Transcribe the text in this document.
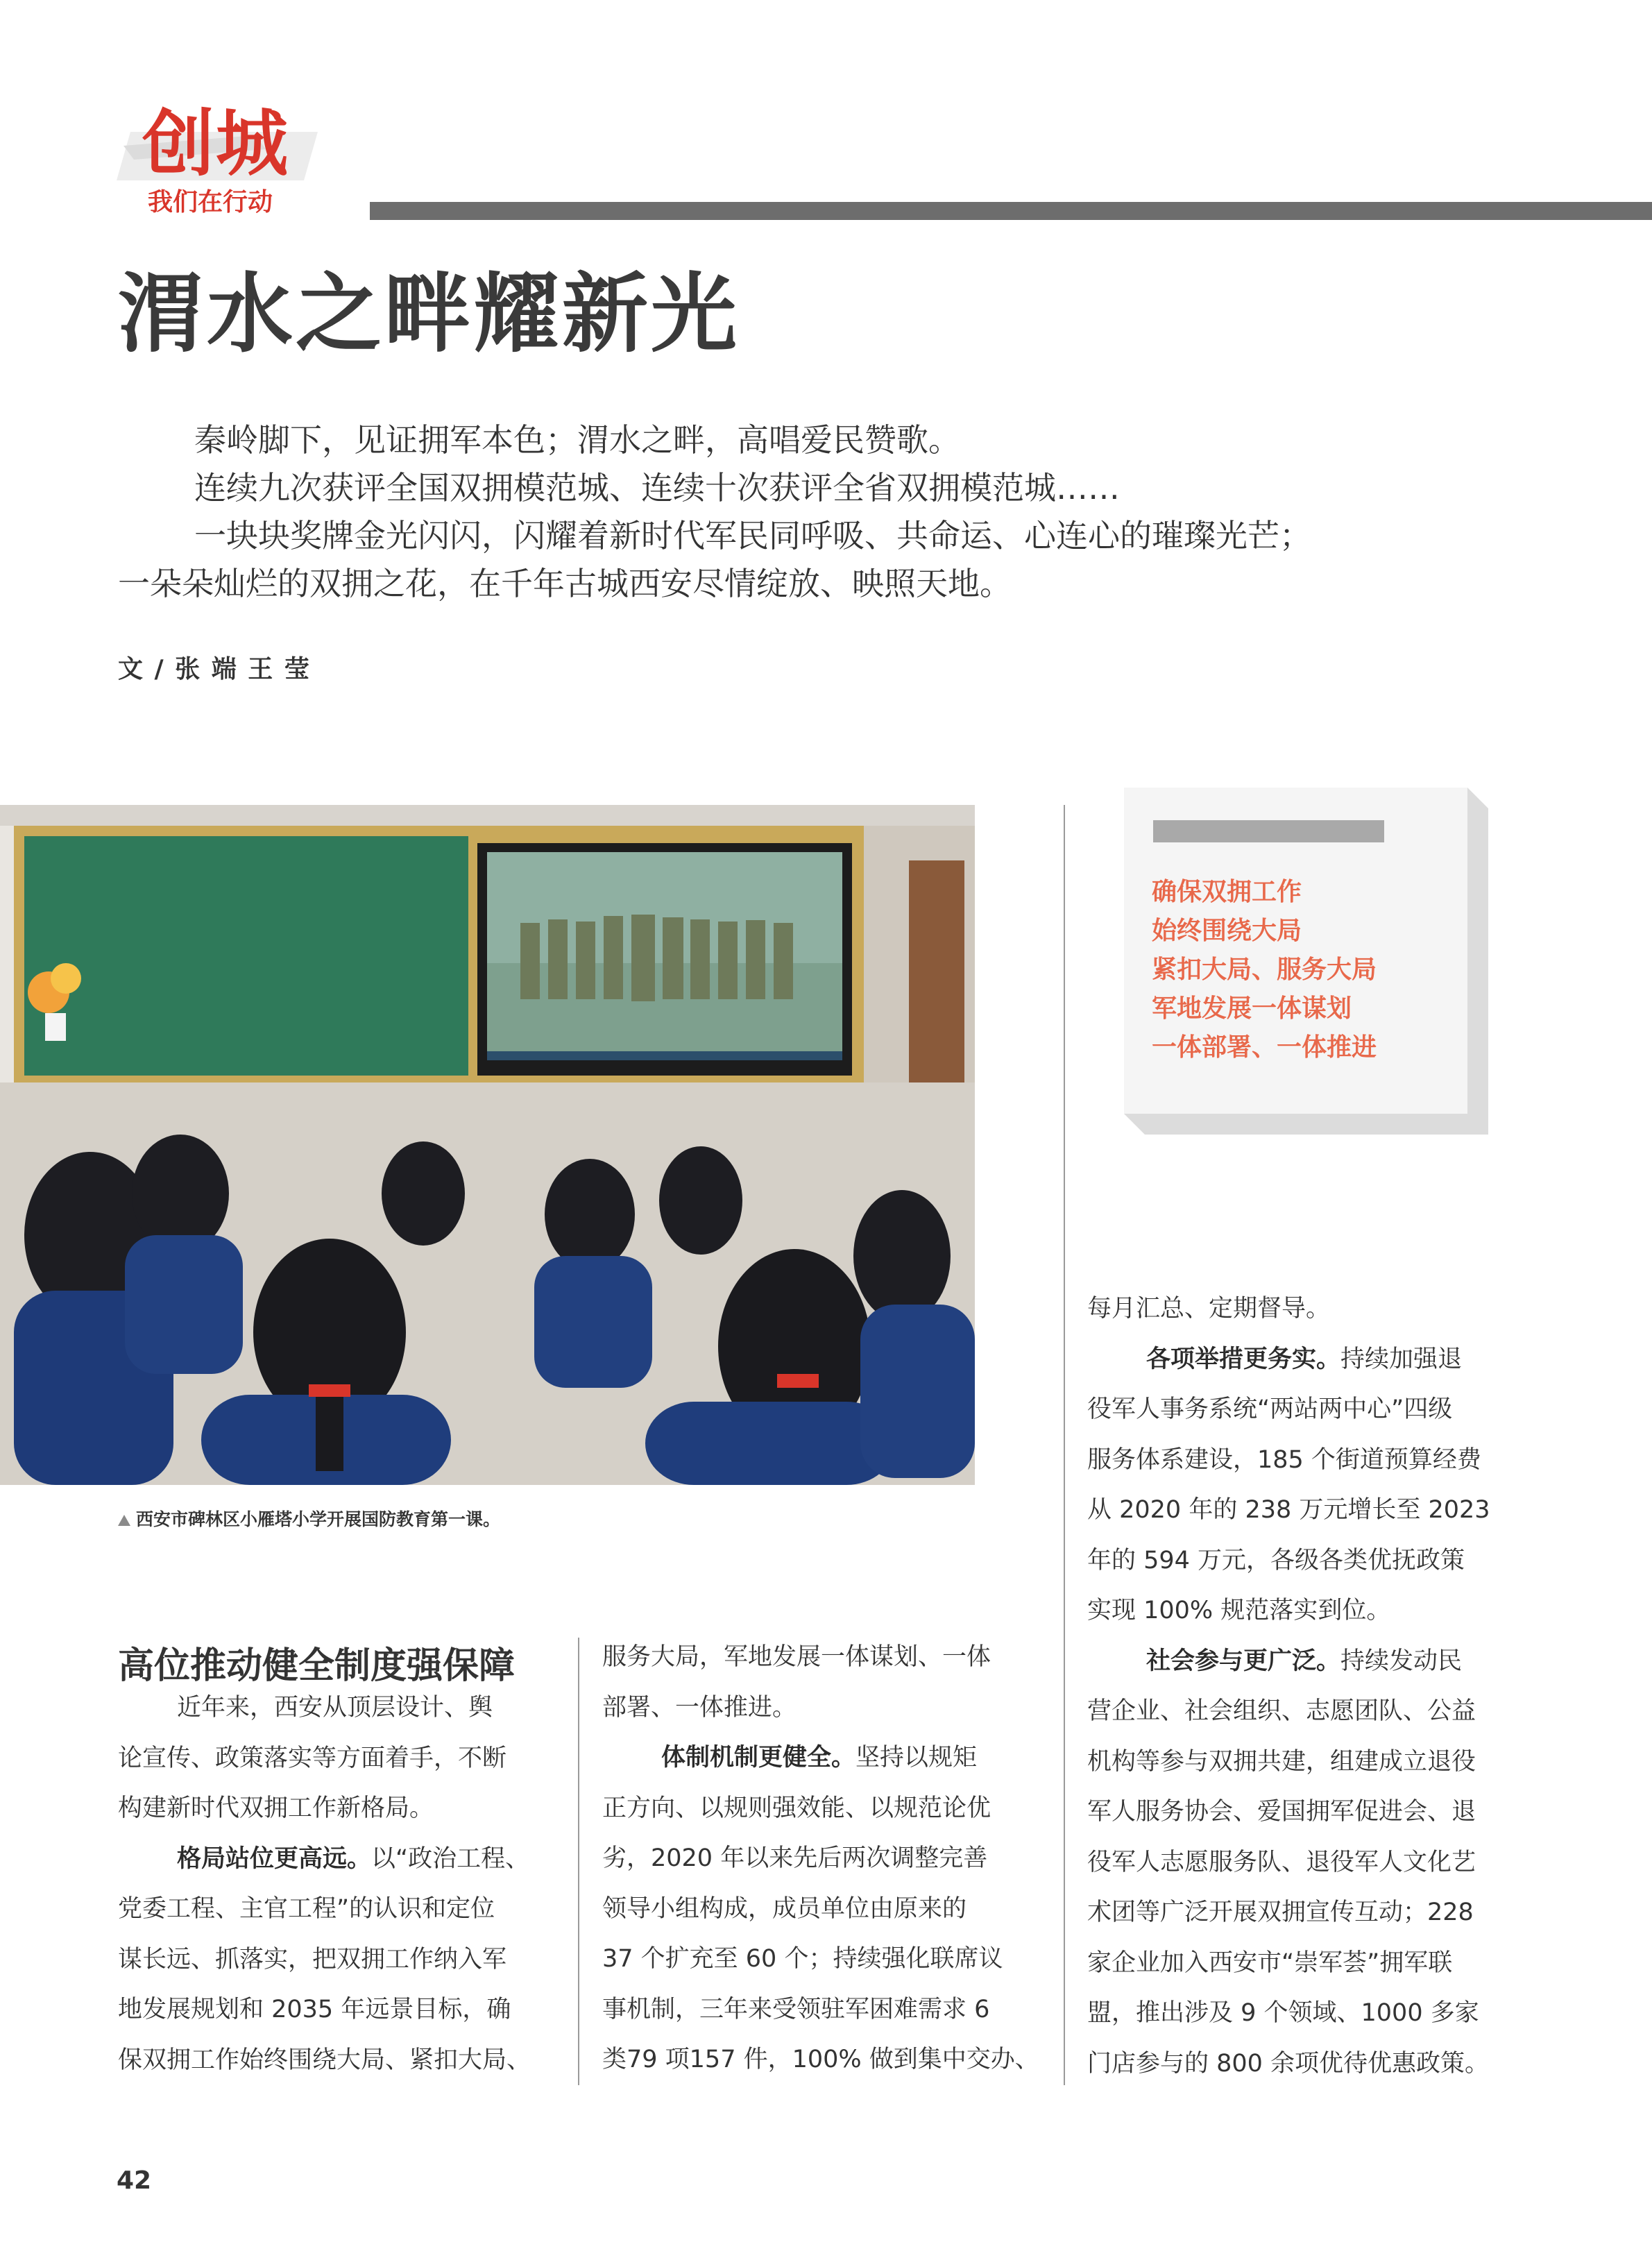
创城
我们在行动
渭水之畔耀新光

秦岭脚下，见证拥军本色；渭水之畔，高唱爱民赞歌。

连续九次获评全国双拥模范城、连续十次获评全省双拥模范城……

一块块奖牌金光闪闪，闪耀着新时代军民同呼吸、共命运、心连心的璀璨光芒；

一朵朵灿烂的双拥之花，在千年古城西安尽情绽放、映照天地。

文 / 张 端 王 莹
西安市碑林区小雁塔小学开展国防教育第一课。
确保双拥工作
始终围绕大局
紧扣大局、服务大局
军地发展一体谋划
一体部署、一体推进
高位推动健全制度强保障

近年来，西安从顶层设计、舆

论宣传、政策落实等方面着手，不断

构建新时代双拥工作新格局。

格局站位更高远。以“政治工程、

党委工程、主官工程”的认识和定位

谋长远、抓落实，把双拥工作纳入军

地发展规划和 2035 年远景目标，确

保双拥工作始终围绕大局、紧扣大局、

服务大局，军地发展一体谋划、一体

部署、一体推进。

体制机制更健全。坚持以规矩

正方向、以规则强效能、以规范论优

劣，2020 年以来先后两次调整完善

领导小组构成，成员单位由原来的

37 个扩充至 60 个；持续强化联席议

事机制，三年来受领驻军困难需求 6

类79 项157 件，100% 做到集中交办、

每月汇总、定期督导。

各项举措更务实。持续加强退

役军人事务系统“两站两中心”四级

服务体系建设，185 个街道预算经费

从 2020 年的 238 万元增长至 2023

年的 594 万元，各级各类优抚政策

实现 100% 规范落实到位。

社会参与更广泛。持续发动民

营企业、社会组织、志愿团队、公益

机构等参与双拥共建，组建成立退役

军人服务协会、爱国拥军促进会、退

役军人志愿服务队、退役军人文化艺

术团等广泛开展双拥宣传互动；228

家企业加入西安市“崇军荟”拥军联

盟，推出涉及 9 个领域、1000 多家

门店参与的 800 余项优待优惠政策。

42
